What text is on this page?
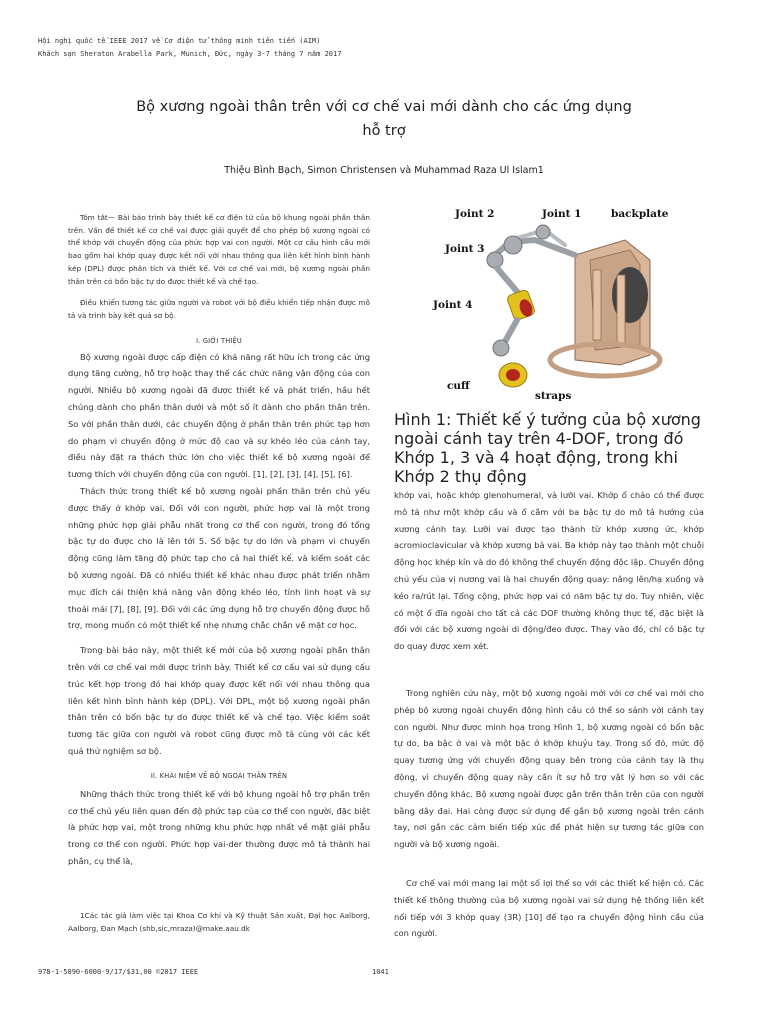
Hội nghị quốc tế IEEE 2017 về Cơ điện tử thông minh tiên tiến (AIM)
Khách sạn Sheraton Arabella Park, Munich, Đức, ngày 3-7 tháng 7 năm 2017
Bộ xương ngoài thân trên với cơ chế vai mới dành cho các ứng dụng
hỗ trợ
Thiệu Bình Bạch, Simon Christensen và Muhammad Raza Ul Islam1

Tóm tắt— Bài báo trình bày thiết kế cơ điện tử của bộ khung ngoài phần thân trên. Vấn đề thiết kế cơ chế vai được giải quyết để cho phép bộ xương ngoài có thể khớp với chuyển động của phức hợp vai con người. Một cơ cấu hình cầu mới bao gồm hai khớp quay được kết nối với nhau thông qua liên kết hình bình hành kép (DPL) được phân tích và thiết kế. Với cơ chế vai mới, bộ xương ngoài phần thân trên có bốn bậc tự do được thiết kế và chế tạo.

Điều khiển tương tác giữa người và robot với bộ điều khiển tiếp nhận được mô tả và trình bày kết quả sơ bộ.

I. GIỚI THIỆU

Bộ xương ngoài được cấp điện có khả năng rất hữu ích trong các ứng dụng tăng cường, hỗ trợ hoặc thay thế các chức năng vận động của con người. Nhiều bộ xương ngoài đã được thiết kế và phát triển, hầu hết chúng dành cho phần thân dưới và một số ít dành cho phần thân trên. So với phần thân dưới, các chuyển động ở phần thân trên phức tạp hơn do phạm vi chuyển động ở mức độ cao và sự khéo léo của cánh tay, điều này đặt ra thách thức lớn cho việc thiết kế bộ xương ngoài để tương thích với chuyển động của con người. [1], [2], [3], [4], [5], [6].

Thách thức trong thiết kế bộ xương ngoài phần thân trên chủ yếu được thấy ở khớp vai. Đối với con người, phức hợp vai là một trong những phức hợp giải phẫu nhất trong cơ thể con người, trong đó tổng bậc tự do được cho là lên tới 5. Số bậc tự do lớn và phạm vi chuyển động cũng làm tăng độ phức tạp cho cả hai thiết kế. và kiểm soát các bộ xương ngoài. Đã có nhiều thiết kế khác nhau được phát triển nhằm mục đích cải thiện khả năng vận động khéo léo, tính linh hoạt và sự thoải mái [7], [8], [9]. Đối với các ứng dụng hỗ trợ chuyển động được hỗ trợ, mong muốn có một thiết kế nhẹ nhưng chắc chắn về mặt cơ học.

Trong bài báo này, một thiết kế mới của bộ xương ngoài phần thân trên với cơ chế vai mới được trình bày. Thiết kế cơ cấu vai sử dụng cấu trúc kết hợp trong đó hai khớp quay được kết nối với nhau thông qua liên kết hình bình hành kép (DPL). Với DPL, một bộ xương ngoài phần thân trên có bốn bậc tự do được thiết kế và chế tạo. Việc kiểm soát tương tác giữa con người và robot cũng được mô tả cùng với các kết quả thử nghiệm sơ bộ.

II. KHÁI NIỆM VỀ BỘ NGOÀI THÂN TRÊN

Những thách thức trong thiết kế với bộ khung ngoài hỗ trợ phần trên cơ thể chủ yếu liên quan đến độ phức tạp của cơ thể con người, đặc biệt là phức hợp vai, một trong những khu phức hợp nhất về mặt giải phẫu trong cơ thể con người. Phức hợp vai-der thường được mô tả thành hai phần, cụ thể là,

1Các tác giả làm việc tại Khoa Cơ khí và Kỹ thuật Sản xuất, Đại học Aalborg, Aalborg, Đan Mạch (shb,sic,mraza)@make.aau.dk

Joint 2	Joint 1	backplate
Joint 3
Joint 4
cuff
straps
Hình 1: Thiết kế ý tưởng của bộ xương ngoài cánh tay trên 4-DOF, trong đó Khớp 1, 3 và 4 hoạt động, trong khi Khớp 2 thụ động

khớp vai, hoặc khớp glenohumeral, và lưỡi vai. Khớp ổ chảo có thể được mô tả như một khớp cầu và ổ cắm với ba bậc tự do mô tả hướng của xương cánh tay. Lưỡi vai được tạo thành từ khớp xương ức, khớp acromioclavicular và khớp xương bả vai. Ba khớp này tạo thành một chuỗi động học khép kín và do đó không thể chuyển động độc lập. Chuyển động chủ yếu của vị nương vai là hai chuyển động quay: nâng lên/hạ xuống và kéo ra/rút lại. Tổng cộng, phức hợp vai có năm bậc tự do. Tuy nhiên, việc có một ổ đĩa ngoài cho tất cả các DOF thường không thực tế, đặc biệt là đối với các bộ xương ngoài di động/đeo được. Thay vào đó, chỉ có bậc tự do quay được xem xét.

Trong nghiên cứu này, một bộ xương ngoài mới với cơ chế vai mới cho phép bộ xương ngoài chuyển động hình cầu có thể so sánh với cánh tay con người. Như được minh họa trong Hình 1, bộ xương ngoài có bốn bậc tự do, ba bậc ở vai và một bậc ở khớp khuỷu tay. Trong số đó, mức độ quay tương ứng với chuyển động quay bên trong của cánh tay là thụ động, vì chuyển động quay này cần ít sự hỗ trợ vật lý hơn so với các chuyển động khác. Bộ xương ngoài được gắn trên thân trên của con người bằng dây đai. Hai còng được sử dụng để gắn bộ xương ngoài trên cánh tay, nơi gắn các cảm biến tiếp xúc để phát hiện sự tương tác giữa con người và bộ xương ngoài.

Cơ chế vai mới mang lại một số lợi thế so với các thiết kế hiện có. Các thiết kế thông thường của bộ xương ngoài vai sử dụng hệ thống liên kết nối tiếp với 3 khớp quay (3R) [10] để tạo ra chuyển động hình cầu của con người.

978-1-5090-6000-9/17/$31,00 ©2017 IEEE	1041
